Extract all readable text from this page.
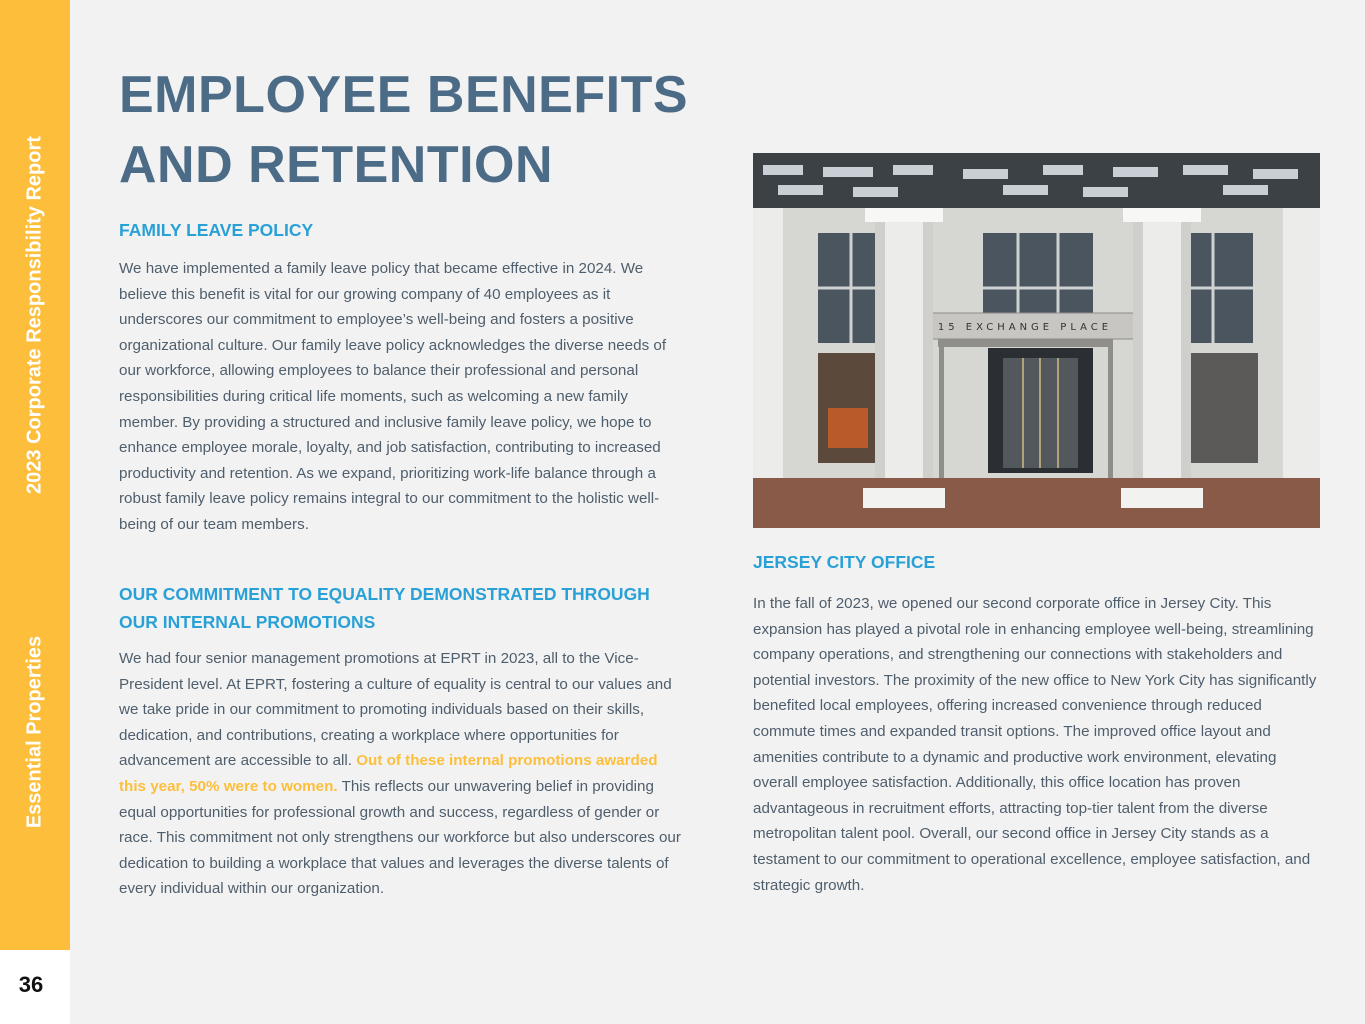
Essential Properties
2023 Corporate Responsibility Report
36
EMPLOYEE BENEFITS
AND RETENTION
FAMILY LEAVE POLICY

We have implemented a family leave policy that became effective in 2024. We believe this benefit is vital for our growing company of 40 employees as it underscores our commitment to employee’s well-being and fosters a positive organizational culture. Our family leave policy acknowledges the diverse needs of our workforce, allowing employees to balance their professional and personal responsibilities during critical life moments, such as welcoming a new family member. By providing a structured and inclusive family leave policy, we hope to enhance employee morale, loyalty, and job satisfaction, contributing to increased productivity and retention. As we expand, prioritizing work-life balance through a robust family leave policy remains integral to our commitment to the holistic well-being of our team members.

OUR COMMITMENT TO EQUALITY DEMONSTRATED THROUGH
OUR INTERNAL PROMOTIONS

We had four senior management promotions at EPRT in 2023, all to the Vice-President level. At EPRT, fostering a culture of equality is central to our values and we take pride in our commitment to promoting individuals based on their skills, dedication, and contributions, creating a workplace where opportunities for advancement are accessible to all. Out of these internal promotions awarded this year, 50% were to women. This reflects our unwavering belief in providing equal opportunities for professional growth and success, regardless of gender or race. This commitment not only strengthens our workforce but also underscores our dedication to building a workplace that values and leverages the diverse talents of every individual within our organization.

15 EXCHANGE PLACE
JERSEY CITY OFFICE

In the fall of 2023, we opened our second corporate office in Jersey City. This expansion has played a pivotal role in enhancing employee well-being, streamlining company operations, and strengthening our connections with stakeholders and potential investors. The proximity of the new office to New York City has significantly benefited local employees, offering increased convenience through reduced commute times and expanded transit options. The improved office layout and amenities contribute to a dynamic and productive work environment, elevating overall employee satisfaction. Additionally, this office location has proven advantageous in recruitment efforts, attracting top-tier talent from the diverse metropolitan talent pool. Overall, our second office in Jersey City stands as a testament to our commitment to operational excellence, employee satisfaction, and strategic growth.
